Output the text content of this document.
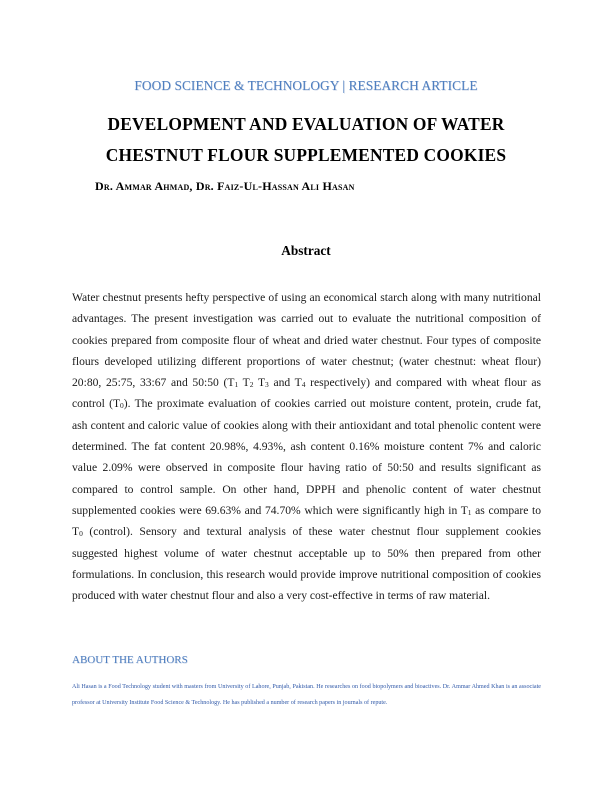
FOOD SCIENCE & TECHNOLOGY | RESEARCH ARTICLE
DEVELOPMENT AND EVALUATION OF WATER
CHESTNUT FLOUR SUPPLEMENTED COOKIES
Dr. Ammar Ahmad, Dr. Faiz-Ul-Hassan Ali Hasan
Abstract
Water chestnut presents hefty perspective of using an economical starch along with many nutritional advantages. The present investigation was carried out to evaluate the nutritional composition of cookies prepared from composite flour of wheat and dried water chestnut. Four types of composite flours developed utilizing different proportions of water chestnut; (water chestnut: wheat flour) 20:80, 25:75, 33:67 and 50:50 ($T_1$ $T_2$ $T_3$ and $T_4$ respectively) and compared with wheat flour as control $(T_0)$. The proximate evaluation of cookies carried out moisture content, protein, crude fat, ash content and caloric value of cookies along with their antioxidant and total phenolic content were determined. The fat content 20.98%, 4.93%, ash content 0.16% moisture content 7% and caloric value 2.09% were observed in composite flour having ratio of 50:50 and results significant as compared to control sample. On other hand, DPPH and phenolic content of water chestnut supplemented cookies were 69.63% and 74.70% which were significantly high in $T_1$ as compare to $T_0$ (control). Sensory and textural analysis of these water chestnut flour supplement cookies suggested highest volume of water chestnut acceptable up to 50% then prepared from other formulations. In conclusion, this research would provide improve nutritional composition of cookies produced with water chestnut flour and also a very cost-effective in terms of raw material.
ABOUT THE AUTHORS
Ali Hasan is a Food Technology student with masters from University of Lahore, Punjab, Pakistan. He researches on food biopolymers and bioactives. Dr. Ammar Ahmed Khan is an associate professor at University Institute Food Science & Technology. He has published a number of research papers in journals of repute.
